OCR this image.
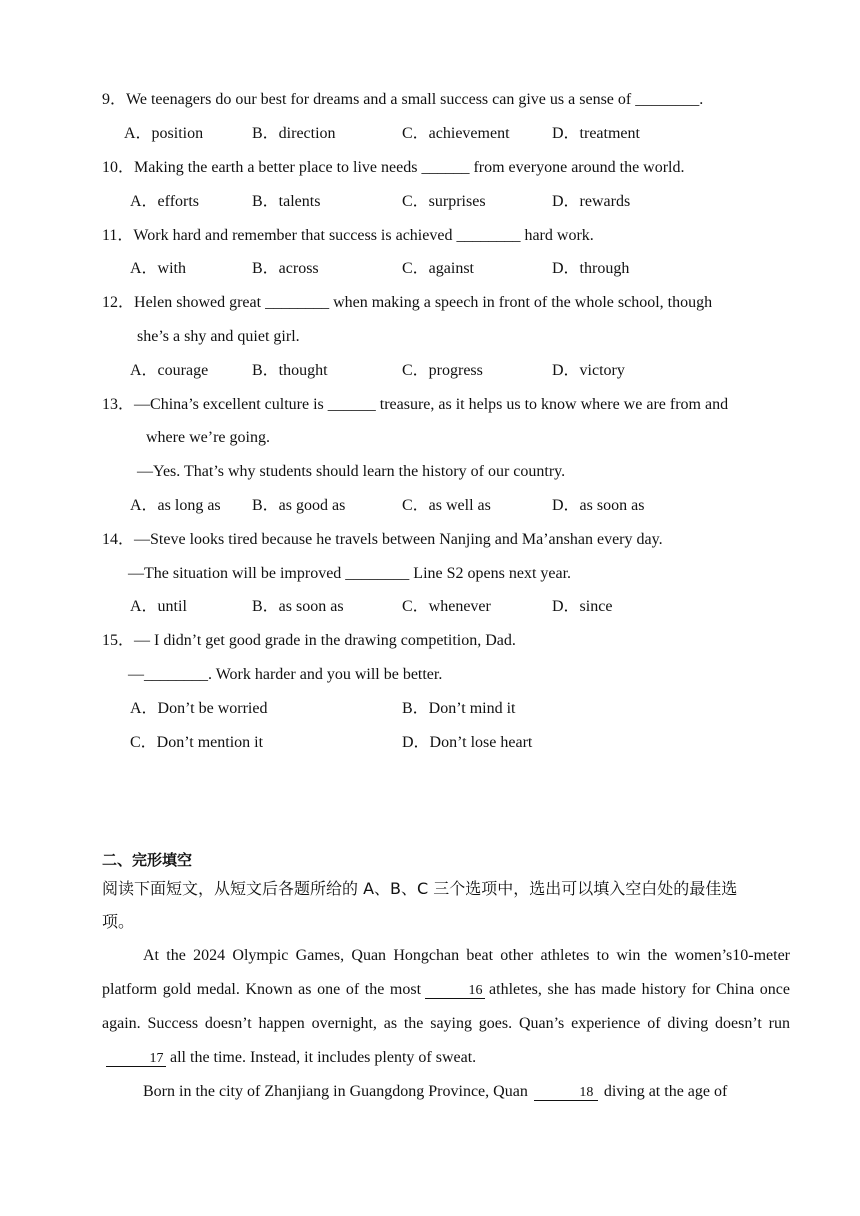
9．We teenagers do our best for dreams and a small success can give us a sense of ________.
A．position	B．direction	C．achievement	D．treatment
10．Making the earth a better place to live needs ______ from everyone around the world.
A．efforts	B．talents	C．surprises	D．rewards
11．Work hard and remember that success is achieved ________ hard work.
A．with	B．across	C．against	D．through
12．Helen showed great ________ when making a speech in front of the whole school, though
she’s a shy and quiet girl.
A．courage	B．thought	C．progress	D．victory
13．—China’s excellent culture is ______ treasure, as it helps us to know where we are from and
where we’re going.
—Yes. That’s why students should learn the history of our country.
A．as long as B．as good as	C．as well as	D．as soon as
14．—Steve looks tired because he travels between Nanjing and Ma’anshan every day.
—The situation will be improved ________ Line S2 opens next year.
A．until	B．as soon as	C．whenever	D．since
15．— I didn’t get good grade in the drawing competition, Dad.
—________. Work harder and you will be better.
A．Don’t be worried	B．Don’t mind it
C．Don’t mention it	D．Don’t lose heart
二、完形填空
阅读下面短文，从短文后各题所给的 A、B、C 三个选项中，选出可以填入空白处的最佳选
项。

At the 2024 Olympic Games, Quan Hongchan beat other athletes to win the women’s10-meter platform gold medal. Known as one of the most	16 athletes, she has made history for China once again. Success doesn’t happen overnight, as the saying goes. Quan’s experience of diving doesn’t run17 all the time. Instead, it includes plenty of sweat.

Born in the city of Zhanjiang in Guangdong Province, Quan	18 diving at the age of
